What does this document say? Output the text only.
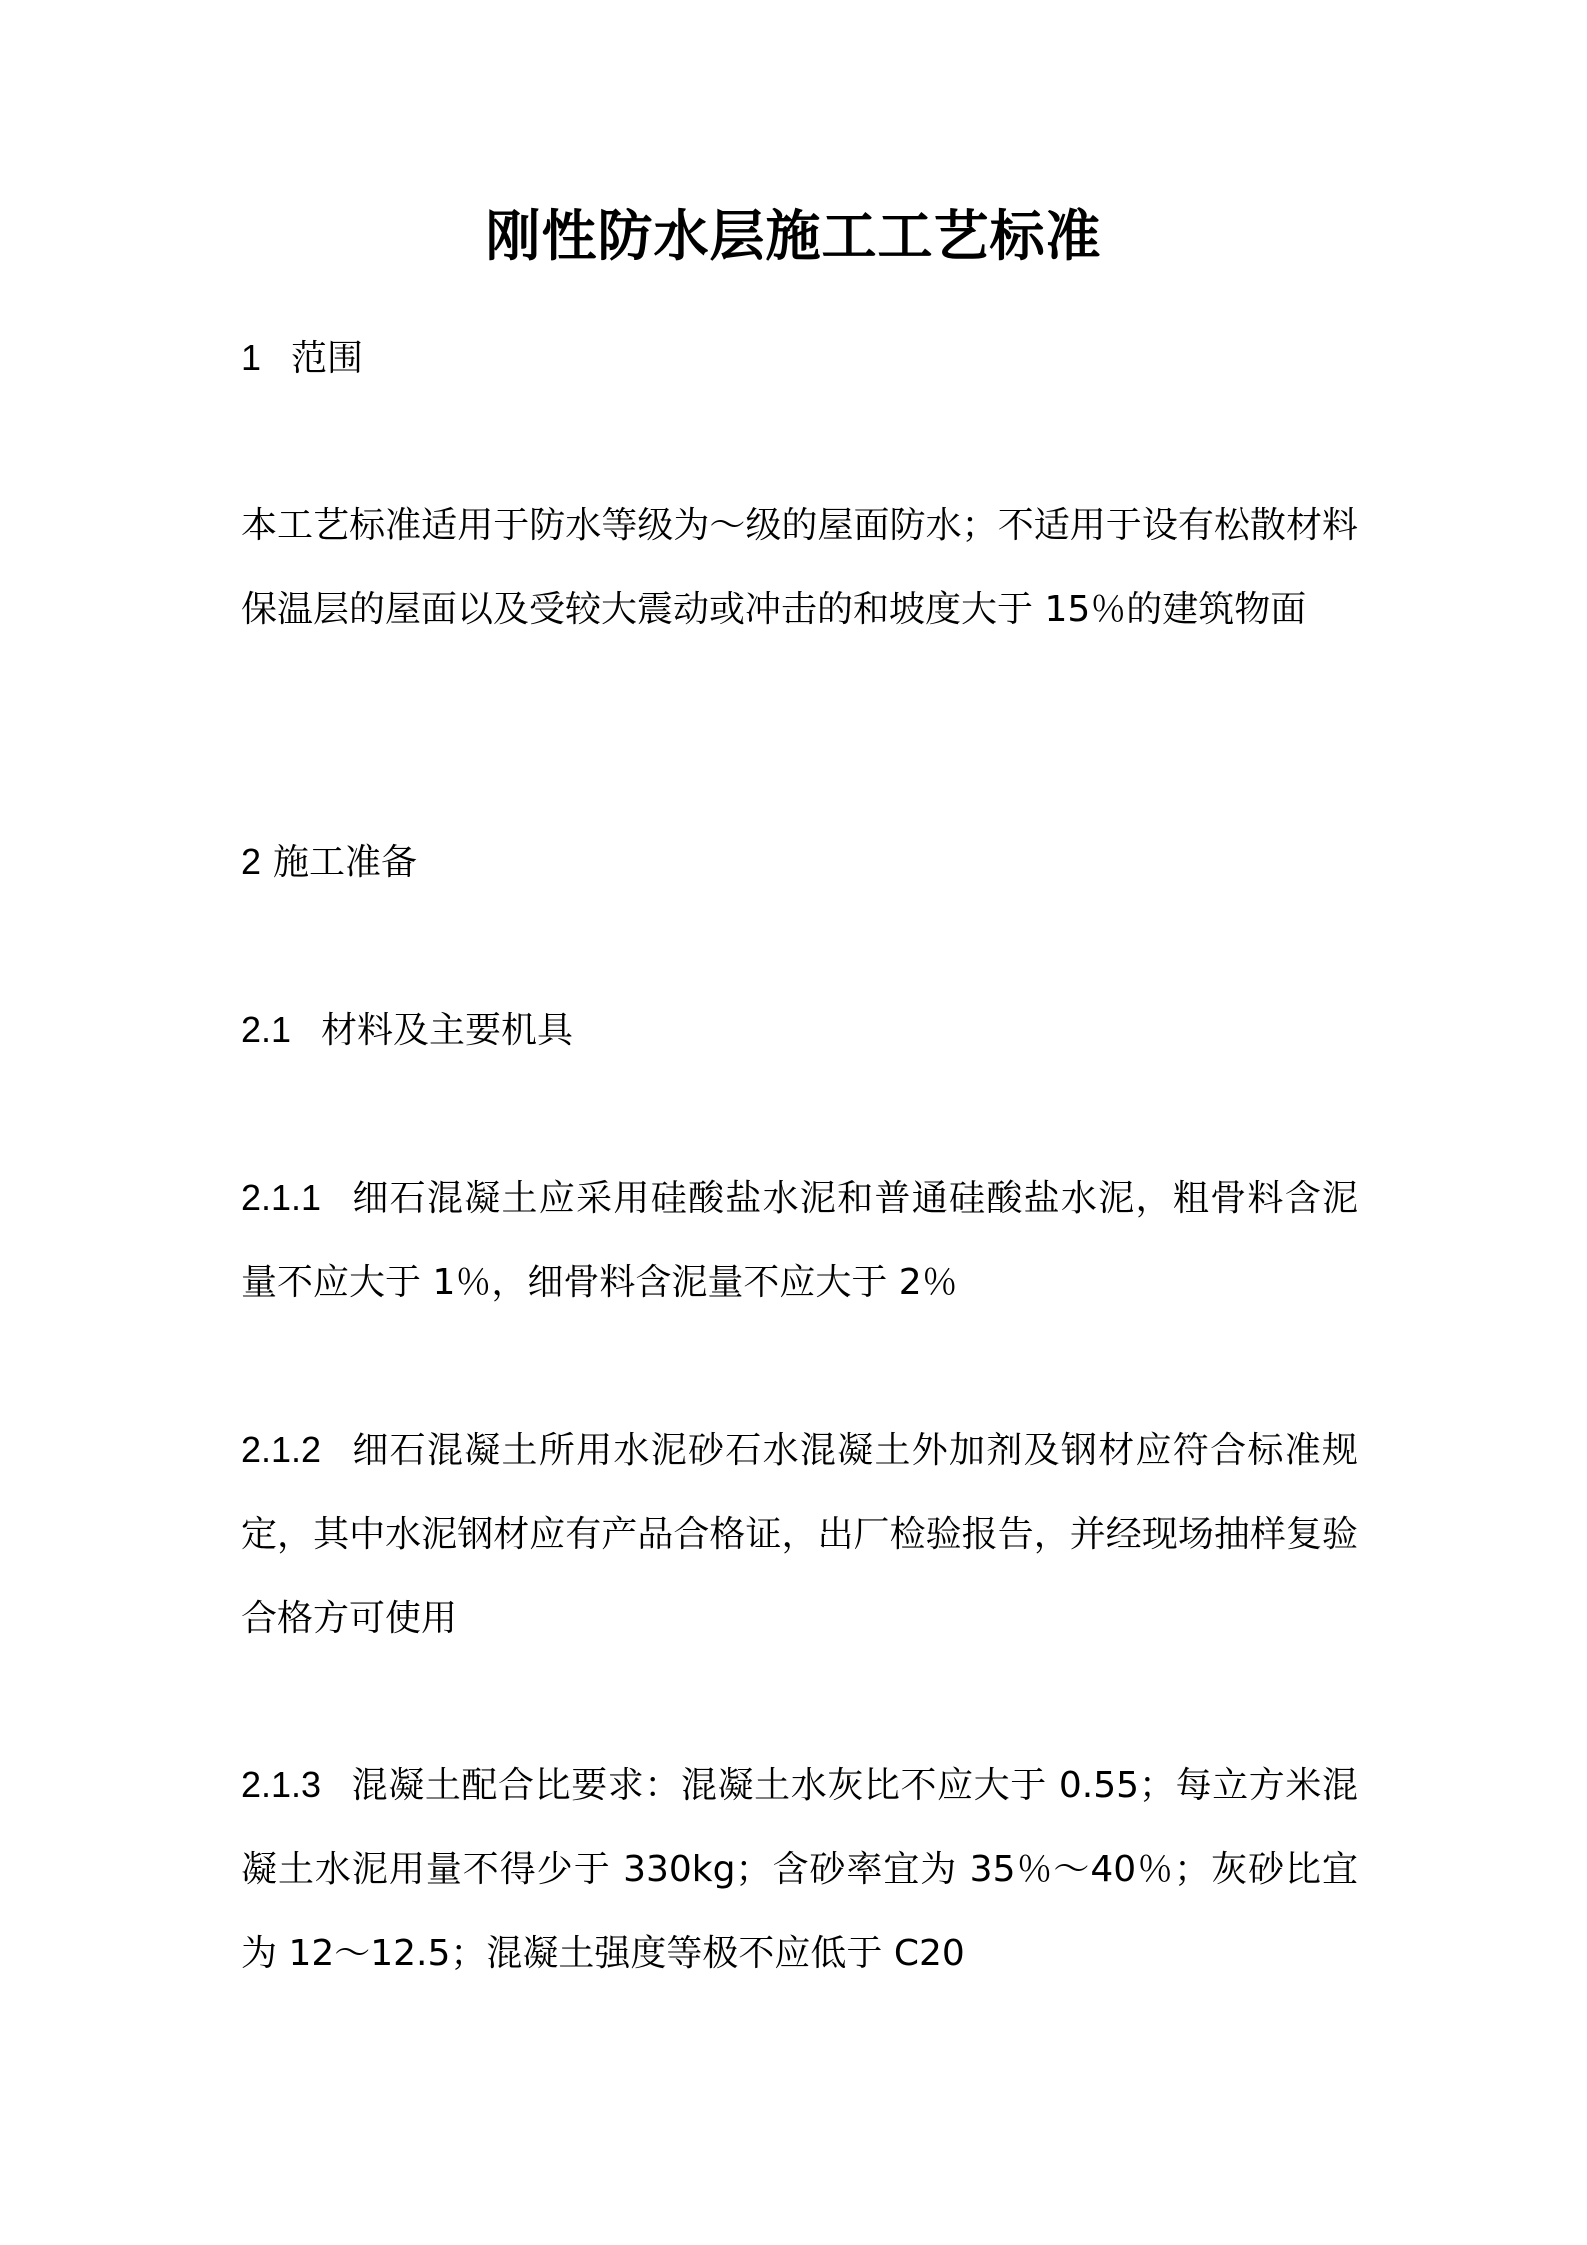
刚性防水层施工工艺标准

1 范围

本工艺标准适用于防水等级为～级的屋面防水；不适用于设有松散材料保温层的屋面以及受较大震动或冲击的和坡度大于 15％的建筑物面

2 施工准备

2.1 材料及主要机具

2.1.1 细石混凝土应采用硅酸盐水泥和普通硅酸盐水泥，粗骨料含泥量不应大于 1％，细骨料含泥量不应大于 2％

2.1.2 细石混凝土所用水泥砂石水混凝土外加剂及钢材应符合标准规定，其中水泥钢材应有产品合格证，出厂检验报告，并经现场抽样复验合格方可使用

2.1.3 混凝土配合比要求：混凝土水灰比不应大于 0.55；每立方米混凝土水泥用量不得少于 330kg；含砂率宜为 35％～40％；灰砂比宜为 12～12.5；混凝土强度等极不应低于 C20
